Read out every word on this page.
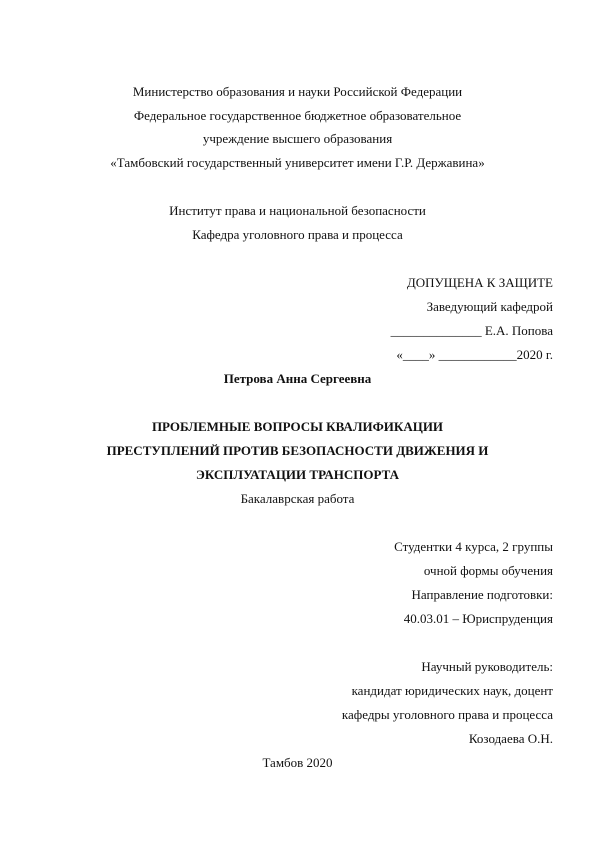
Министерство образования и науки Российской Федерации
Федеральное государственное бюджетное образовательное
учреждение высшего образования
«Тамбовский государственный университет имени Г.Р. Державина»
Институт права и национальной безопасности
Кафедра уголовного права и процесса
ДОПУЩЕНА К ЗАЩИТЕ
Заведующий кафедрой
______________ Е.А. Попова
«____» ____________2020 г.
Петрова Анна Сергеевна
ПРОБЛЕМНЫЕ ВОПРОСЫ КВАЛИФИКАЦИИ
ПРЕСТУПЛЕНИЙ ПРОТИВ БЕЗОПАСНОСТИ ДВИЖЕНИЯ И
ЭКСПЛУАТАЦИИ ТРАНСПОРТА
Бакалаврская работа
Студентки 4 курса, 2 группы
очной формы обучения
Направление подготовки:
40.03.01 – Юриспруденция
Научный руководитель:
кандидат юридических наук, доцент
кафедры уголовного права и процесса
Козодаева О.Н.
Тамбов 2020
